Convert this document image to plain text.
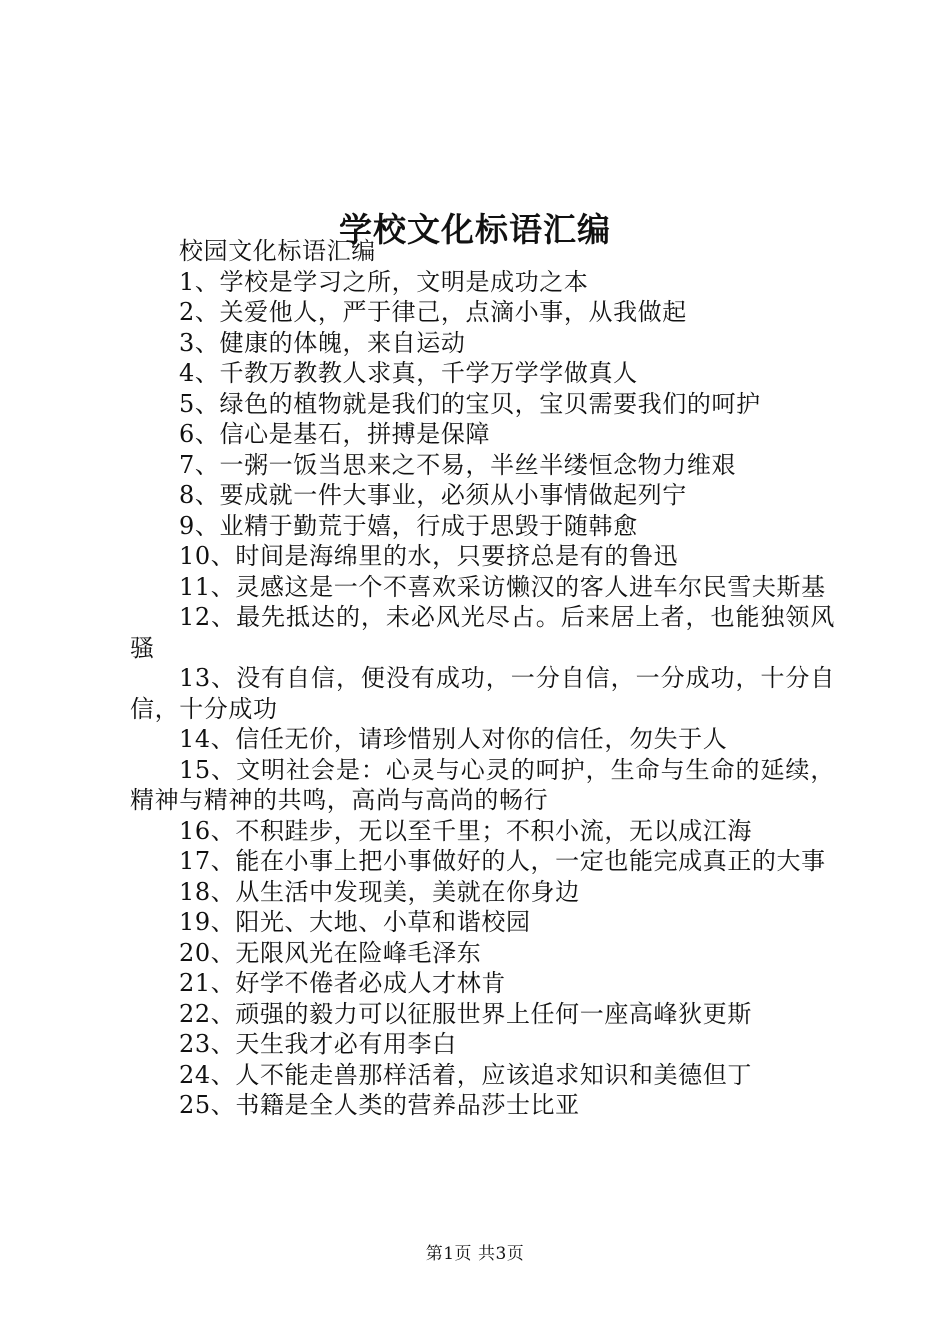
学校文化标语汇编

校园文化标语汇编

1、学校是学习之所，文明是成功之本

2、关爱他人，严于律己，点滴小事，从我做起

3、健康的体魄，来自运动

4、千教万教教人求真，千学万学学做真人

5、绿色的植物就是我们的宝贝，宝贝需要我们的呵护

6、信心是基石，拼搏是保障

7、一粥一饭当思来之不易，半丝半缕恒念物力维艰

8、要成就一件大事业，必须从小事情做起列宁

9、业精于勤荒于嬉，行成于思毁于随韩愈

10、时间是海绵里的水，只要挤总是有的鲁迅

11、灵感这是一个不喜欢采访懒汉的客人进车尔民雪夫斯基

12、最先抵达的，未必风光尽占。后来居上者，也能独领风骚

13、没有自信，便没有成功，一分自信，一分成功，十分自信，十分成功

14、信任无价，请珍惜别人对你的信任，勿失于人

15、文明社会是：心灵与心灵的呵护，生命与生命的延续，精神与精神的共鸣，高尚与高尚的畅行

16、不积跬步，无以至千里；不积小流，无以成江海

17、能在小事上把小事做好的人，一定也能完成真正的大事

18、从生活中发现美，美就在你身边

19、阳光、大地、小草和谐校园

20、无限风光在险峰毛泽东

21、好学不倦者必成人才林肯

22、顽强的毅力可以征服世界上任何一座高峰狄更斯

23、天生我才必有用李白

24、人不能走兽那样活着，应该追求知识和美德但丁

25、书籍是全人类的营养品莎士比亚

第1页 共3页
